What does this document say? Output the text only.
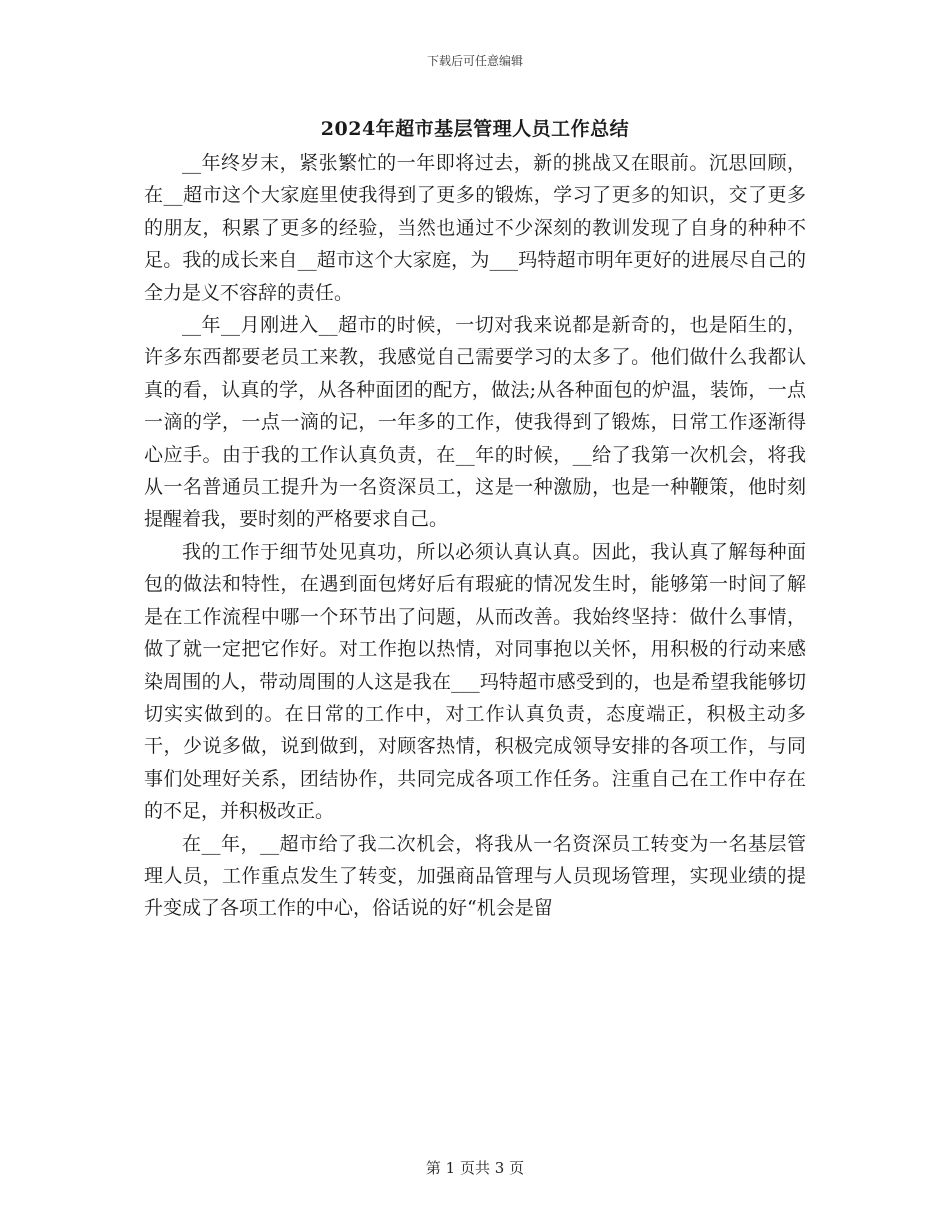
下载后可任意编辑
2024年超市基层管理人员工作总结

__年终岁末，紧张繁忙的一年即将过去，新的挑战又在眼前。沉思回顾，在__超市这个大家庭里使我得到了更多的锻炼，学习了更多的知识，交了更多的朋友，积累了更多的经验，当然也通过不少深刻的教训发现了自身的种种不足。我的成长来自__超市这个大家庭，为___玛特超市明年更好的进展尽自己的全力是义不容辞的责任。

__年__月刚进入__超市的时候，一切对我来说都是新奇的，也是陌生的，许多东西都要老员工来教，我感觉自己需要学习的太多了。他们做什么我都认真的看，认真的学，从各种面团的配方，做法;从各种面包的炉温，装饰，一点一滴的学，一点一滴的记，一年多的工作，使我得到了锻炼，日常工作逐渐得心应手。由于我的工作认真负责，在__年的时候，__给了我第一次机会，将我从一名普通员工提升为一名资深员工，这是一种激励，也是一种鞭策，他时刻提醒着我，要时刻的严格要求自己。

我的工作于细节处见真功，所以必须认真认真。因此，我认真了解每种面包的做法和特性，在遇到面包烤好后有瑕疵的情况发生时，能够第一时间了解是在工作流程中哪一个环节出了问题，从而改善。我始终坚持：做什么事情，做了就一定把它作好。对工作抱以热情，对同事抱以关怀，用积极的行动来感染周围的人，带动周围的人这是我在___玛特超市感受到的，也是希望我能够切切实实做到的。在日常的工作中，对工作认真负责，态度端正，积极主动多干，少说多做，说到做到，对顾客热情，积极完成领导安排的各项工作，与同事们处理好关系，团结协作，共同完成各项工作任务。注重自己在工作中存在的不足，并积极改正。

在__年，__超市给了我二次机会，将我从一名资深员工转变为一名基层管理人员，工作重点发生了转变，加强商品管理与人员现场管理，实现业绩的提升变成了各项工作的中心，俗话说的好“机会是留

第 1 页共 3 页
